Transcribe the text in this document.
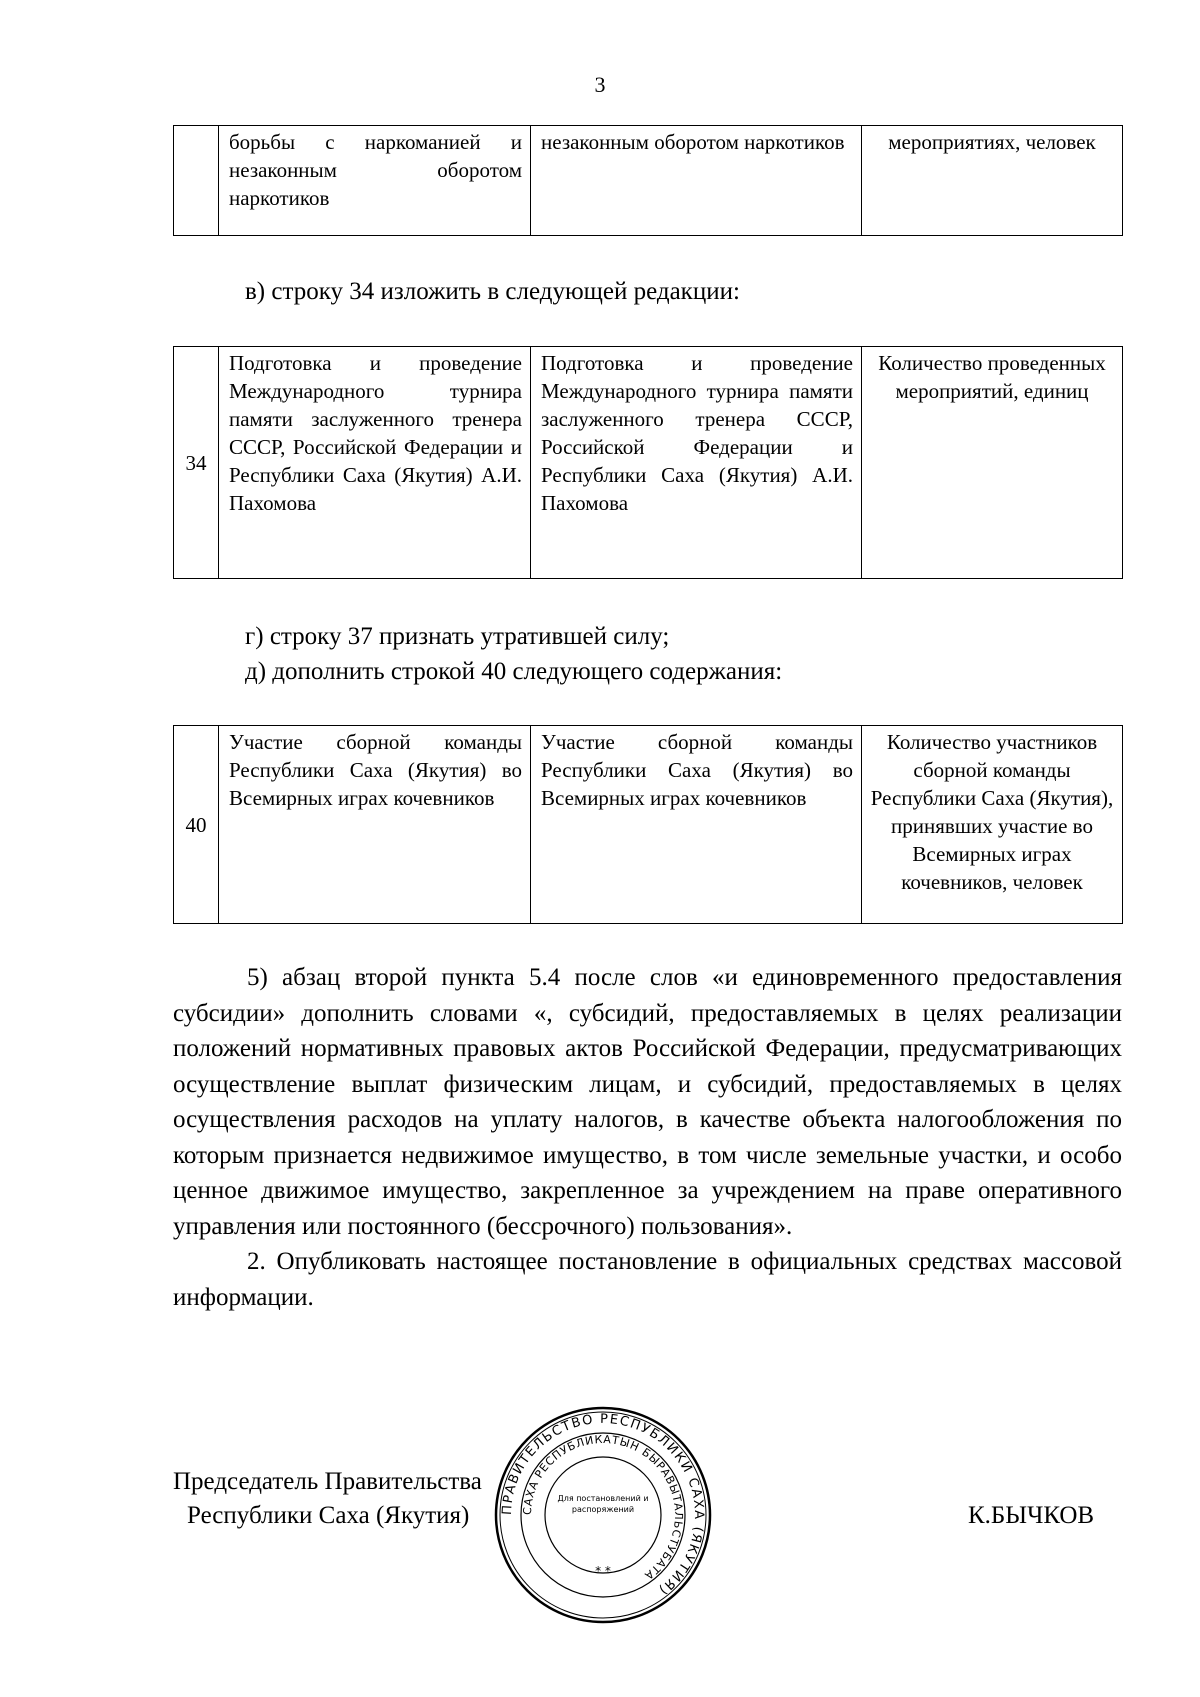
3
	борьбы с наркоманией и незаконным оборотом наркотиков	незаконным оборотом наркотиков	мероприятиях, человек
в) строку 34 изложить в следующей редакции:
34	Подготовка и проведение Международного турнира памяти заслуженного тренера СССР, Российской Федерации и Республики Саха (Якутия) А.И. Пахомова	Подготовка и проведение Международного турнира памяти заслуженного тренера СССР, Российской Федерации и Республики Саха (Якутия) А.И. Пахомова	Количество проведенных мероприятий, единиц
г) строку 37 признать утратившей силу;
д) дополнить строкой 40 следующего содержания:
40	Участие сборной команды Республики Саха (Якутия) во Всемирных играх кочевников	Участие сборной команды Республики Саха (Якутия) во Всемирных играх кочевников	Количество участников сборной команды Республики Саха (Якутия), принявших участие во Всемирных играх кочевников, человек

5) абзац второй пункта 5.4 после слов «и единовременного предоставления субсидии» дополнить словами «, субсидий, предоставляемых в целях реализации положений нормативных правовых актов Российской Федерации, предусматривающих осуществление выплат физическим лицам, и субсидий, предоставляемых в целях осуществления расходов на уплату налогов, в качестве объекта налогообложения по которым признается недвижимое имущество, в том числе земельные участки, и особо ценное движимое имущество, закрепленное за учреждением на праве оперативного управления или постоянного (бессрочного) пользования».

2. Опубликовать настоящее постановление в официальных средствах массовой информации.

Председатель Правительства
Республики Саха (Якутия)	К.БЫЧКОВ
ПРАВИТЕЛЬСТВО РЕСПУБЛИКИ САХА (ЯКУТИЯ)
САХА РЕСПУБЛИКАТЫН БЫРАВЫТАЛЬСТУБАТА
Для постановлений и распоряжений
* *
